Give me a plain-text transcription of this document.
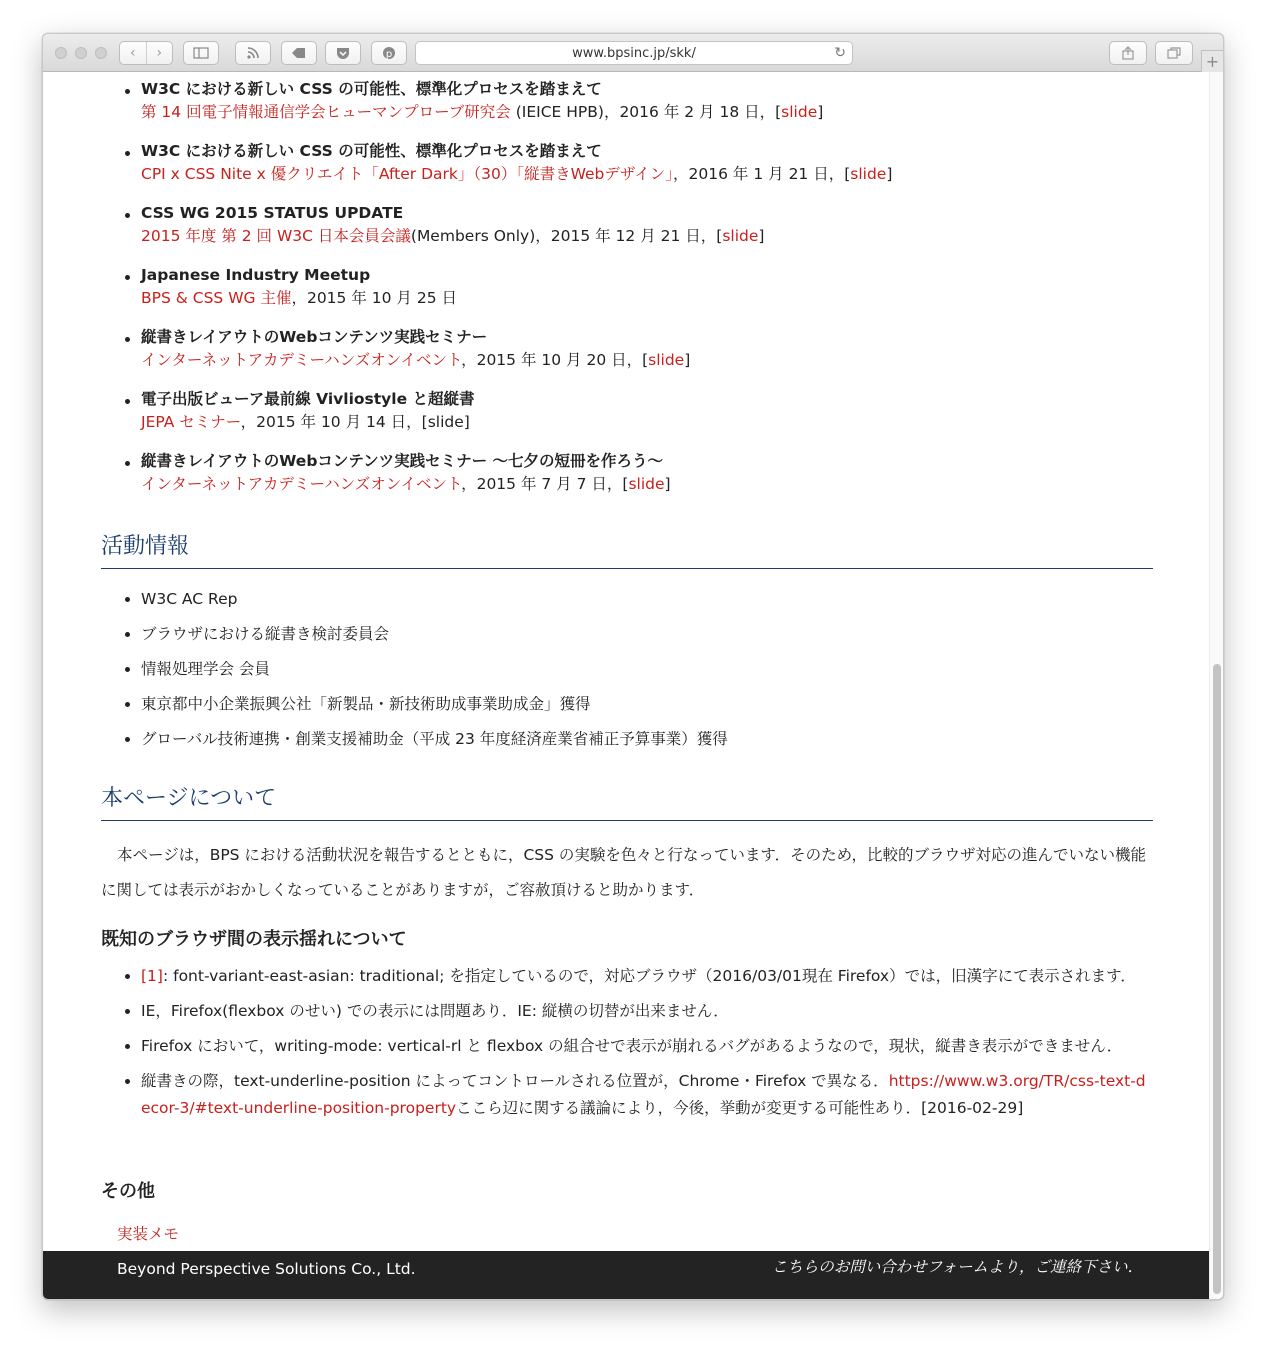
‹	›	p	www.bpsinc.jp/skk/	↻	+
W3C における新しい CSS の可能性、標準化プロセスを踏まえて
第 14 回電子情報通信学会ヒューマンプローブ研究会 (IEICE HPB)，2016 年 2 月 18 日，[slide]
W3C における新しい CSS の可能性、標準化プロセスを踏まえて
CPI x CSS Nite x 優クリエイト「After Dark」（30）「縦書きWebデザイン」，2016 年 1 月 21 日，[slide]
CSS WG 2015 STATUS UPDATE
2015 年度 第 2 回 W3C 日本会員会議(Members Only)，2015 年 12 月 21 日，[slide]
Japanese Industry Meetup
BPS & CSS WG 主催，2015 年 10 月 25 日
縦書きレイアウトのWebコンテンツ実践セミナー
インターネットアカデミーハンズオンイベント，2015 年 10 月 20 日，[slide]
電子出版ビューア最前線 Vivliostyle と超縦書
JEPA セミナー，2015 年 10 月 14 日，[slide]
縦書きレイアウトのWebコンテンツ実践セミナー 〜七夕の短冊を作ろう〜
インターネットアカデミーハンズオンイベント，2015 年 7 月 7 日，[slide]
活動情報
W3C AC Rep
ブラウザにおける縦書き検討委員会
情報処理学会 会員
東京都中小企業振興公社「新製品・新技術助成事業助成金」獲得
グローバル技術連携・創業支援補助金（平成 23 年度経済産業省補正予算事業）獲得
本ページについて

本ページは，BPS における活動状況を報告するとともに，CSS の実験を色々と行なっています．そのため，比較的ブラウザ対応の進んでいない機能に関しては表示がおかしくなっていることがありますが，ご容赦頂けると助かります．

既知のブラウザ間の表示揺れについて
[1]: font-variant-east-asian: traditional; を指定しているので，対応ブラウザ（2016/03/01現在 Firefox）では，旧漢字にて表示されます．
IE，Firefox(flexbox のせい) での表示には問題あり．IE: 縦横の切替が出来ません．
Firefox において，writing-mode: vertical-rl と flexbox の組合せで表示が崩れるバグがあるようなので，現状，縦書き表示ができません．
縦書きの際，text-underline-position によってコントロールされる位置が，Chrome・Firefox で異なる．https://www.w3.org/TR/css-text-decor-3/#text-underline-position-propertyここら辺に関する議論により，今後，挙動が変更する可能性あり．[2016-02-29]
その他
実装メモ
Beyond Perspective Solutions Co., Ltd.	こちらのお問い合わせフォームより，ご連絡下さい．
